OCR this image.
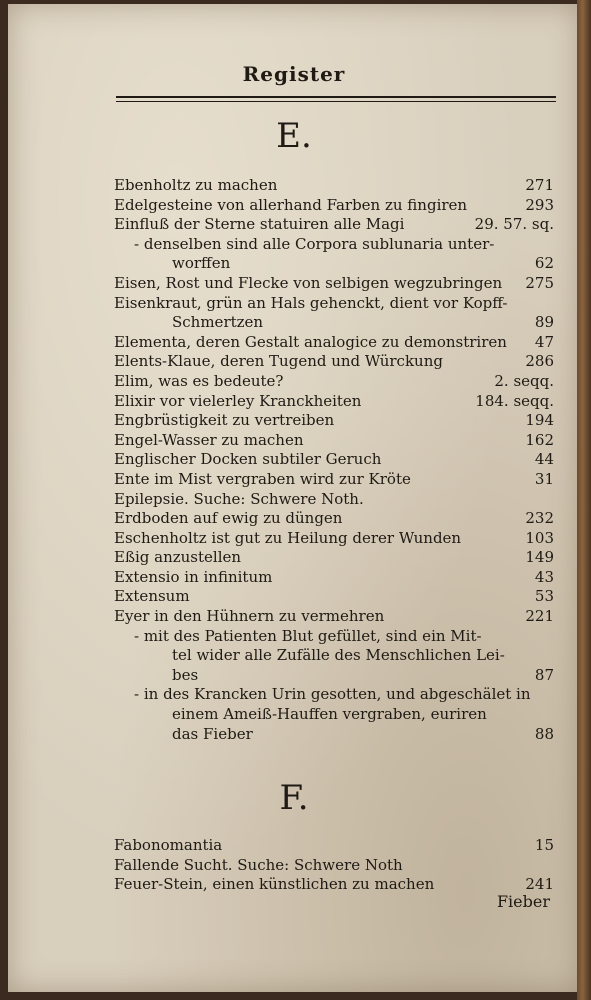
Register
E.
Ebenholtz zu machen	271
Edelgesteine von allerhand Farben zu fingiren	293
Einfluß der Sterne statuiren alle Magi	29. 57. sq.
- denselben sind alle Corpora sublunaria unter-
worffen	62
Eisen, Rost und Flecke von selbigen wegzubringen	275
Eisenkraut, grün an Hals gehenckt, dient vor Kopff-
Schmertzen	89
Elementa, deren Gestalt analogice zu demonstriren	47
Elents-Klaue, deren Tugend und Würckung	286
Elim, was es bedeute?	2. seqq.
Elixir vor vielerley Kranckheiten	184. seqq.
Engbrüstigkeit zu vertreiben	194
Engel-Wasser zu machen	162
Englischer Docken subtiler Geruch	44
Ente im Mist vergraben wird zur Kröte	31
Epilepsie. Suche: Schwere Noth.
Erdboden auf ewig zu düngen	232
Eschenholtz ist gut zu Heilung derer Wunden	103
Eßig anzustellen	149
Extensio in infinitum	43
Extensum	53
Eyer in den Hühnern zu vermehren	221
- mit des Patienten Blut gefüllet, sind ein Mit-
tel wider alle Zufälle des Menschlichen Lei-
bes	87
- in des Krancken Urin gesotten, und abgeschälet in
einem Ameiß-Hauffen vergraben, euriren
das Fieber	88
F.
Fabonomantia	15
Fallende Sucht. Suche: Schwere Noth
Feuer-Stein, einen künstlichen zu machen	241
Fieber
